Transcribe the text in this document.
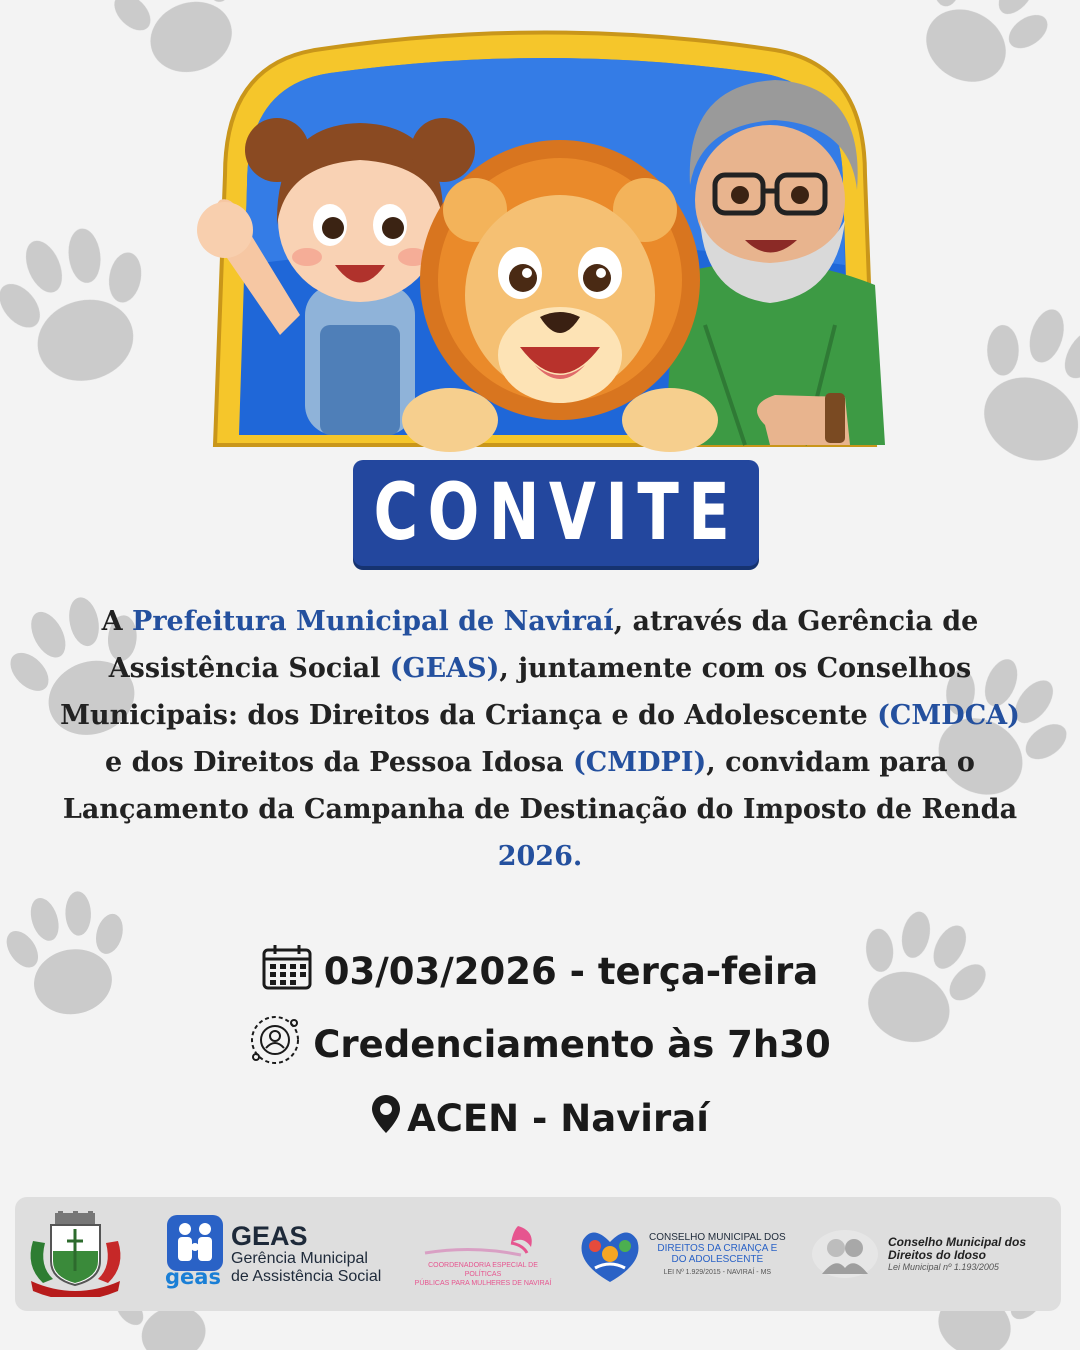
CONVITE
A Prefeitura Municipal de Naviraí, através da Gerência de Assistência Social (GEAS), juntamente com os Conselhos Municipais: dos Direitos da Criança e do Adolescente (CMDCA) e dos Direitos da Pessoa Idosa (CMDPI), convidam para o Lançamento da Campanha de Destinação do Imposto de Renda 2026.
03/03/2026 - terça-feira
Credenciamento às 7h30
ACEN - Naviraí
geas
GEAS
Gerência Municipal
de Assistência Social
COORDENADORIA ESPECIAL DE POLÍTICAS
PÚBLICAS PARA MULHERES DE NAVIRAÍ
CONSELHO MUNICIPAL DOS
DIREITOS DA CRIANÇA E
DO ADOLESCENTE
LEI Nº 1.929/2015 - NAVIRAÍ - MS
Conselho Municipal dos
Direitos do Idoso
Lei Municipal nº 1.193/2005
